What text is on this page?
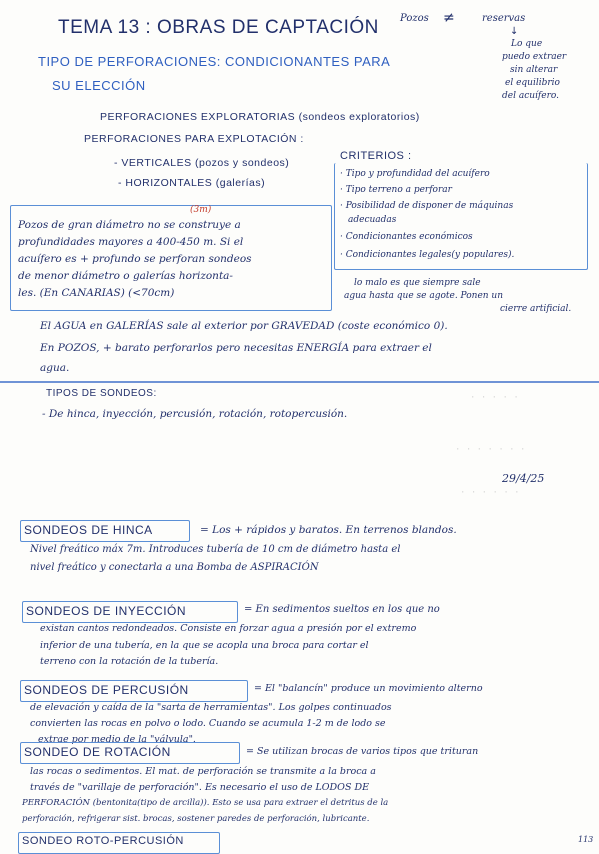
· · · · ·
· · · · · · ·
· · · · · ·
TEMA 13 : OBRAS DE CAPTACIÓN Pozos ≠	reservas
↓
Lo que
puedo extraer
sin alterar
el equilibrio
del acuífero.
TIPO DE PERFORACIONES: CONDICIONANTES PARA
SU ELECCIÓN
PERFORACIONES EXPLORATORIAS (sondeos exploratorios)
PERFORACIONES PARA EXPLOTACIÓN :
- VERTICALES (pozos y sondeos)
- HORIZONTALES (galerías)
CRITERIOS :
· Tipo y profundidad del acuífero
· Tipo terreno a perforar
· Posibilidad de disponer de máquinas
adecuadas
· Condicionantes económicos
· Condicionantes legales(y populares).
(3m)
Pozos de gran diámetro no se construye a
profundidades mayores a 400-450 m. Si el
acuífero es + profundo se perforan sondeos
de menor diámetro o galerías horizonta-
les. (En CANARIAS) (<70cm)
lo malo es que siempre sale
agua hasta que se agote. Ponen un
cierre artificial.
El AGUA en GALERÍAS sale al exterior por GRAVEDAD (coste económico 0).
En POZOS, + barato perforarlos pero necesitas ENERGÍA para extraer el
agua.
TIPOS DE SONDEOS:
- De hinca, inyección, percusión, rotación, rotopercusión.
29/4/25
SONDEOS DE HINCA	= Los + rápidos y baratos. En terrenos blandos.
Nivel freático máx 7m. Introduces tubería de 10 cm de diámetro hasta el
nivel freático y conectarla a una Bomba de ASPIRACIÓN
SONDEOS DE INYECCIÓN	= En sedimentos sueltos en los que no
existan cantos redondeados. Consiste en forzar agua a presión por el extremo
inferior de una tubería, en la que se acopla una broca para cortar el
terreno con la rotación de la tubería.
SONDEOS DE PERCUSIÓN	= El "balancín" produce un movimiento alterno
de elevación y caída de la "sarta de herramientas". Los golpes continuados
convierten las rocas en polvo o lodo. Cuando se acumula 1-2 m de lodo se
extrae por medio de la "válvula".
SONDEO DE ROTACIÓN	= Se utilizan brocas de varios tipos que trituran
las rocas o sedimentos. El mat. de perforación se transmite a la broca a
través de "varillaje de perforación". Es necesario el uso de LODOS DE
PERFORACIÓN (bentonita(tipo de arcilla)). Esto se usa para extraer el detritus de la
perforación, refrigerar sist. brocas, sostener paredes de perforación, lubricante.
SONDEO ROTO-PERCUSIÓN	113
